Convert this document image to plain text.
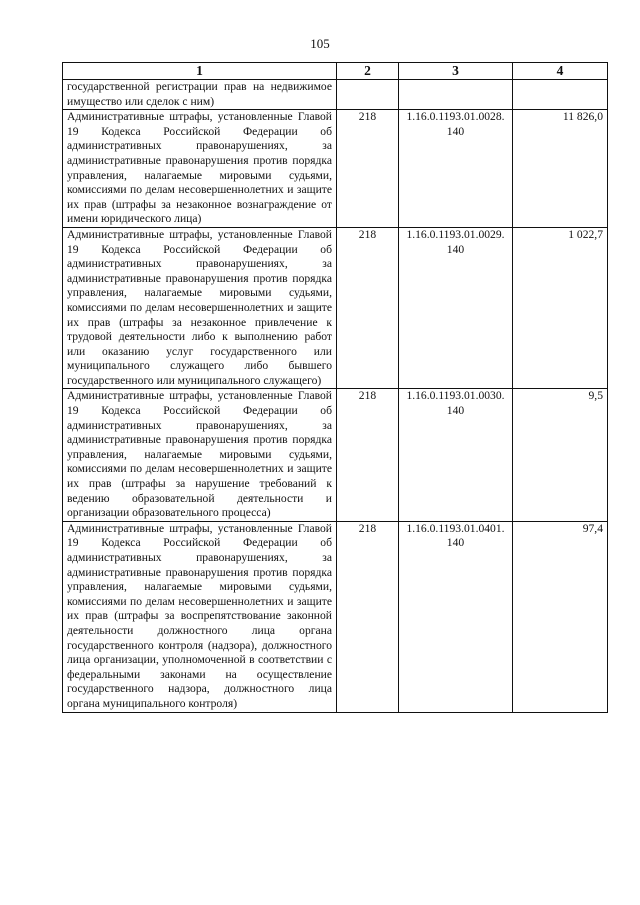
105
1	2	3	4
государственной регистрации прав на недвижимое имущество или сделок с ним)			
Административные штрафы, установленные Главой 19 Кодекса Российской Федерации об административных правонарушениях, за административные правонарушения против порядка управления, налагаемые мировыми судьями, комиссиями по делам несовершеннолетних и защите их прав (штрафы за незаконное вознаграждение от имени юридического лица)	218	1.16.0.1193.01.0028. 140	11 826,0
Административные штрафы, установленные Главой 19 Кодекса Российской Федерации об административных правонарушениях, за административные правонарушения против порядка управления, налагаемые мировыми судьями, комиссиями по делам несовершеннолетних и защите их прав (штрафы за незаконное привлечение к трудовой деятельности либо к выполнению работ или оказанию услуг государственного или муниципального служащего либо бывшего государственного или муниципального служащего)	218	1.16.0.1193.01.0029. 140	1 022,7
Административные штрафы, установленные Главой 19 Кодекса Российской Федерации об административных правонарушениях, за административные правонарушения против порядка управления, налагаемые мировыми судьями, комиссиями по делам несовершеннолетних и защите их прав (штрафы за нарушение требований к ведению образовательной деятельности и организации образовательного процесса)	218	1.16.0.1193.01.0030. 140	9,5
Административные штрафы, установленные Главой 19 Кодекса Российской Федерации об административных правонарушениях, за административные правонарушения против порядка управления, налагаемые мировыми судьями, комиссиями по делам несовершеннолетних и защите их прав (штрафы за воспрепятствование законной деятельности должностного лица органа государственного контроля (надзора), должностного лица организации, уполномоченной в соответствии с федеральными законами на осуществление государственного надзора, должностного лица органа муниципального контроля)	218	1.16.0.1193.01.0401. 140	97,4
